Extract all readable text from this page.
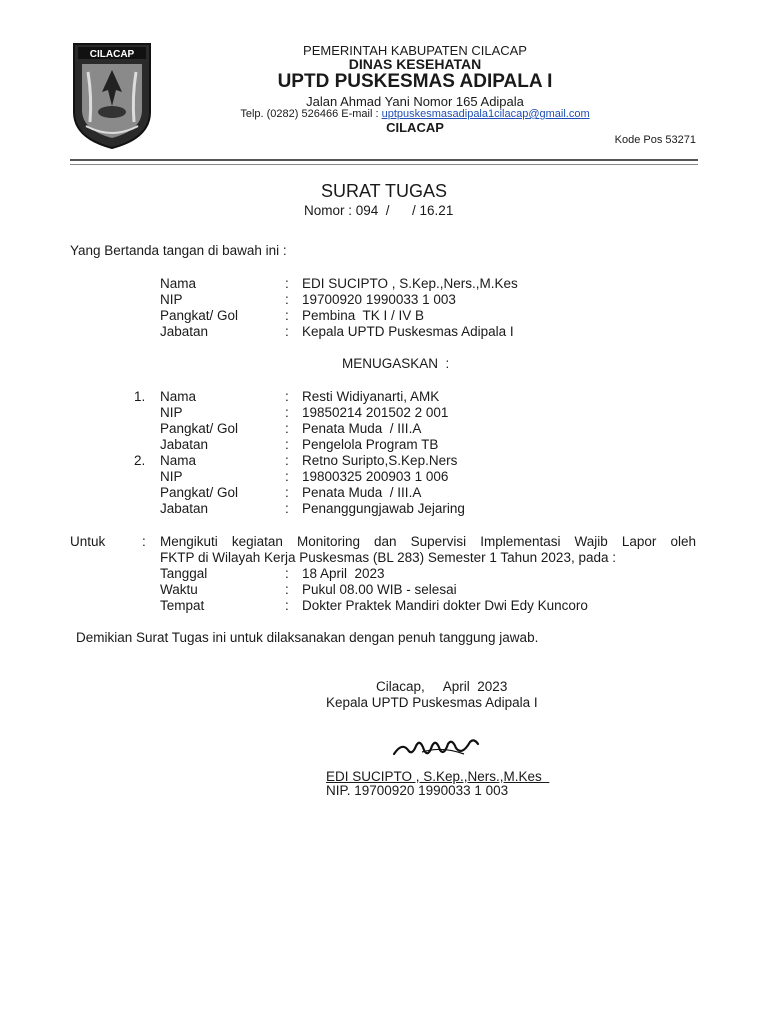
CILACAP	PEMERINTAH KABUPATEN CILACAP
DINAS KESEHATAN
UPTD PUSKESMAS ADIPALA I
Jalan Ahmad Yani Nomor 165 Adipala
Telp. (0282) 526466 E-mail : uptpuskesmasadipala1cilacap@gmail.com
CILACAP
Kode Pos 53271
SURAT TUGAS
Nomor : 094  /      / 16.21
Yang Bertanda tangan di bawah ini :
Nama	: EDI SUCIPTO , S.Kep.,Ners.,M.Kes
NIP	: 19700920 1990033 1 003
Pangkat/ Gol	: Pembina  TK I / IV B
Jabatan	: Kepala UPTD Puskesmas Adipala I
MENUGASKAN  :
1. Nama	: Resti Widiyanarti, AMK
NIP	: 19850214 201502 2 001
Pangkat/ Gol	: Penata Muda  / III.A
Jabatan	: Pengelola Program TB
2. Nama	: Retno Suripto,S.Kep.Ners
NIP	: 19800325 200903 1 006
Pangkat/ Gol	: Penata Muda  / III.A
Jabatan	: Penanggungjawab Jejaring
Untuk	: Mengikuti kegiatan Monitoring dan Supervisi Implementasi Wajib Lapor oleh
FKTP di Wilayah Kerja Puskesmas (BL 283) Semester 1 Tahun 2023, pada :
Tanggal	: 18 April  2023
Waktu	: Pukul 08.00 WIB - selesai
Tempat	: Dokter Praktek Mandiri dokter Dwi Edy Kuncoro
Demikian Surat Tugas ini untuk dilaksanakan dengan penuh tanggung jawab.
Cilacap,     April  2023
Kepala UPTD Puskesmas Adipala I
EDI SUCIPTO , S.Kep.,Ners.,M.Kes
NIP. 19700920 1990033 1 003
